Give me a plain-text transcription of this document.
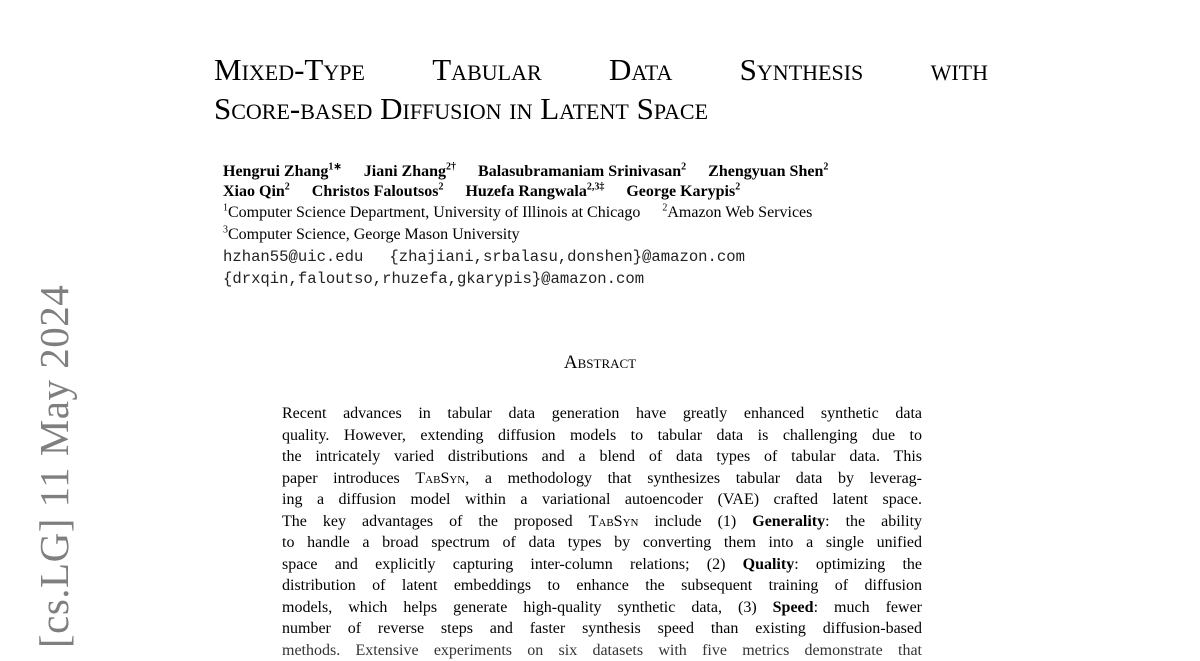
[cs.LG] 11 May 2024
Mixed-Type Tabular Data Synthesis with
Score-based Diffusion in Latent Space
Hengrui Zhang$^{1∗}$ Jiani Zhang$^{2\dagger}$ Balasubramaniam Srinivasan$^2$ Zhengyuan Shen$^2$
Xiao Qin$^2$ Christos Faloutsos$^2$ Huzefa Rangwala$^{2,3\ddagger}$ George Karypis$^2$
$^1$Computer Science Department, University of Illinois at Chicago $^2$Amazon Web Services
$^3$Computer Science, George Mason University
hzhan55@uic.edu {zhajiani,srbalasu,donshen}@amazon.com
{drxqin,faloutso,rhuzefa,gkarypis}@amazon.com
Abstract
Recent advances in tabular data generation have greatly enhanced synthetic data
quality. However, extending diffusion models to tabular data is challenging due to
the intricately varied distributions and a blend of data types of tabular data. This
paper introduces TabSyn, a methodology that synthesizes tabular data by leverag-
ing a diffusion model within a variational autoencoder (VAE) crafted latent space.
The key advantages of the proposed TabSyn include (1) Generality: the ability
to handle a broad spectrum of data types by converting them into a single unified
space and explicitly capturing inter-column relations; (2) Quality: optimizing the
distribution of latent embeddings to enhance the subsequent training of diffusion
models, which helps generate high-quality synthetic data, (3) Speed: much fewer
number of reverse steps and faster synthesis speed than existing diffusion-based
methods. Extensive experiments on six datasets with five metrics demonstrate that
